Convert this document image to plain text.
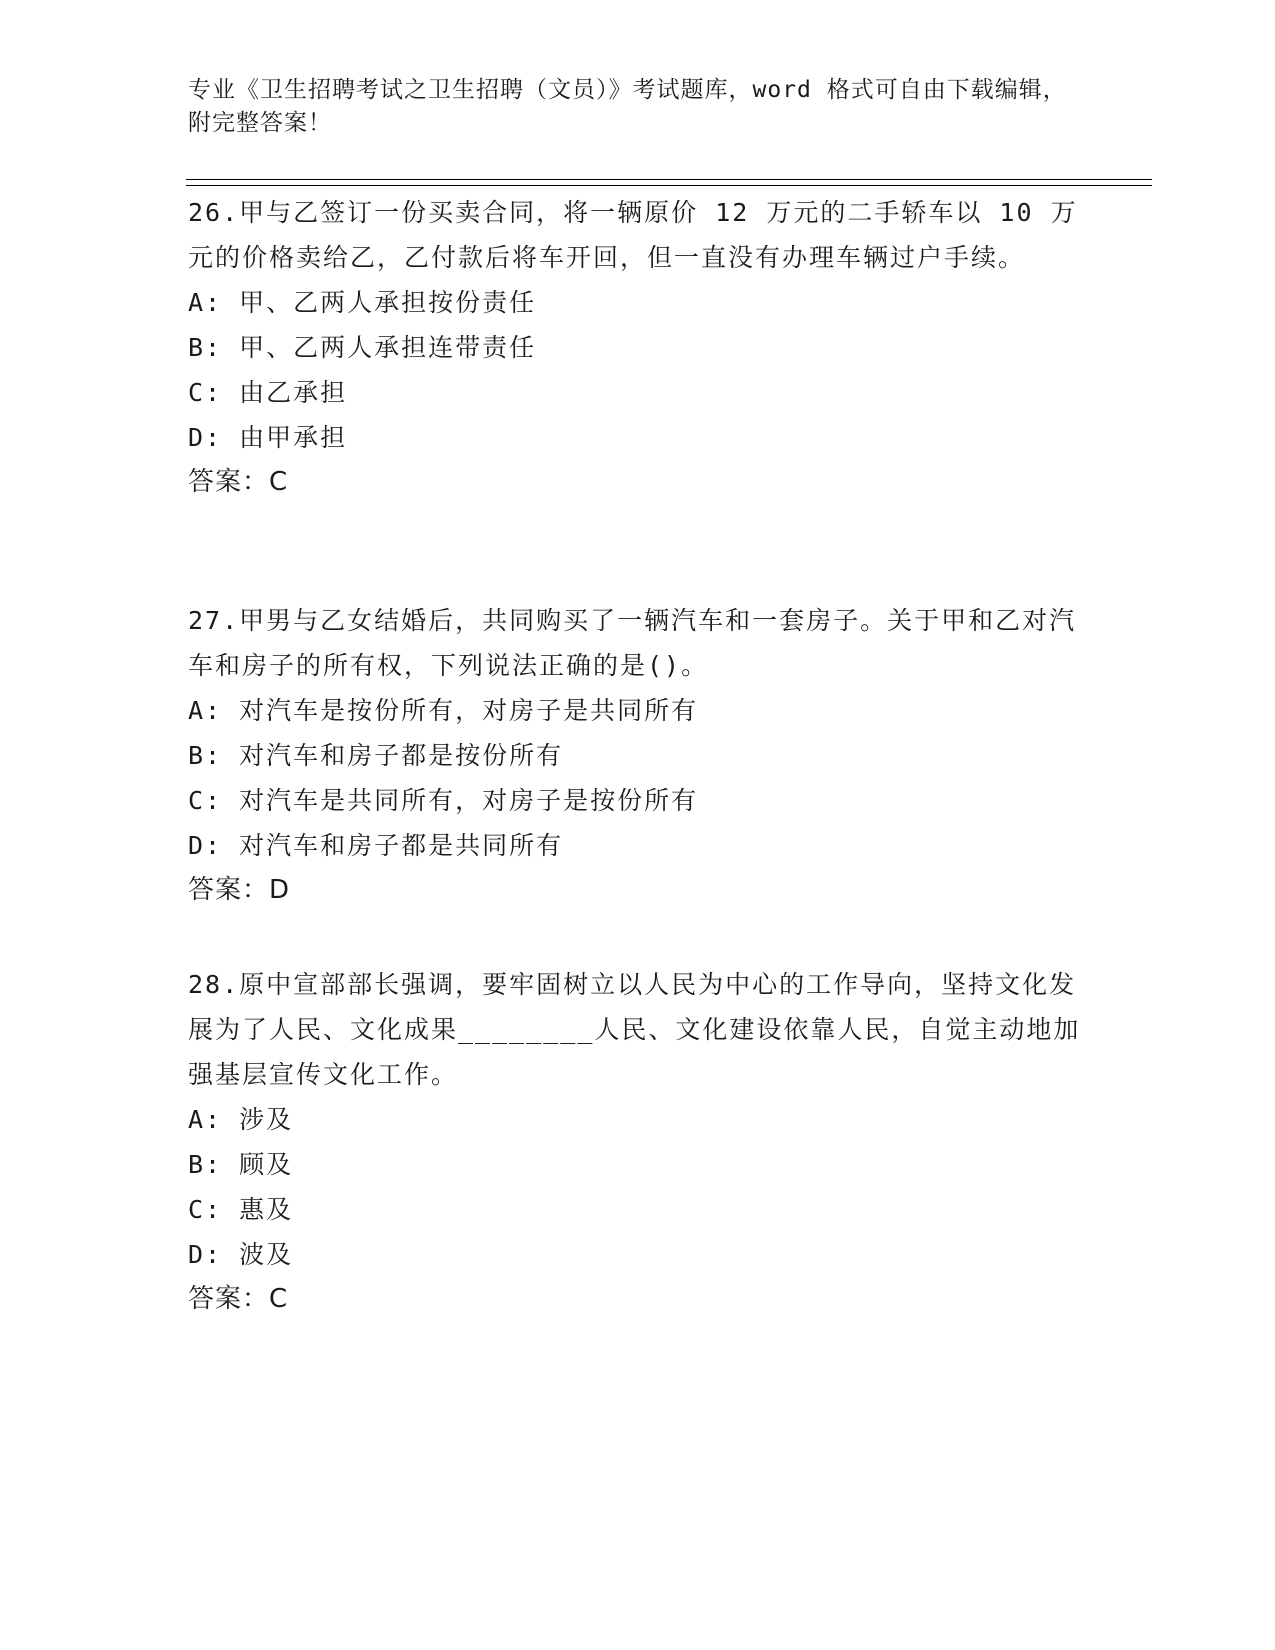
专业《卫生招聘考试之卫生招聘（文员）》考试题库，word 格式可自由下载编辑，附完整答案！

26.甲与乙签订一份买卖合同，将一辆原价 12 万元的二手轿车以 10 万元的价格卖给乙，乙付款后将车开回，但一直没有办理车辆过户手续。

A: 甲、乙两人承担按份责任

B: 甲、乙两人承担连带责任

C: 由乙承担

D: 由甲承担

答案：C

27.甲男与乙女结婚后，共同购买了一辆汽车和一套房子。关于甲和乙对汽车和房子的所有权，下列说法正确的是()。

A: 对汽车是按份所有，对房子是共同所有

B: 对汽车和房子都是按份所有

C: 对汽车是共同所有，对房子是按份所有

D: 对汽车和房子都是共同所有

答案：D

28.原中宣部部长强调，要牢固树立以人民为中心的工作导向，坚持文化发展为了人民、文化成果________人民、文化建设依靠人民，自觉主动地加强基层宣传文化工作。

A: 涉及

B: 顾及

C: 惠及

D: 波及

答案：C
